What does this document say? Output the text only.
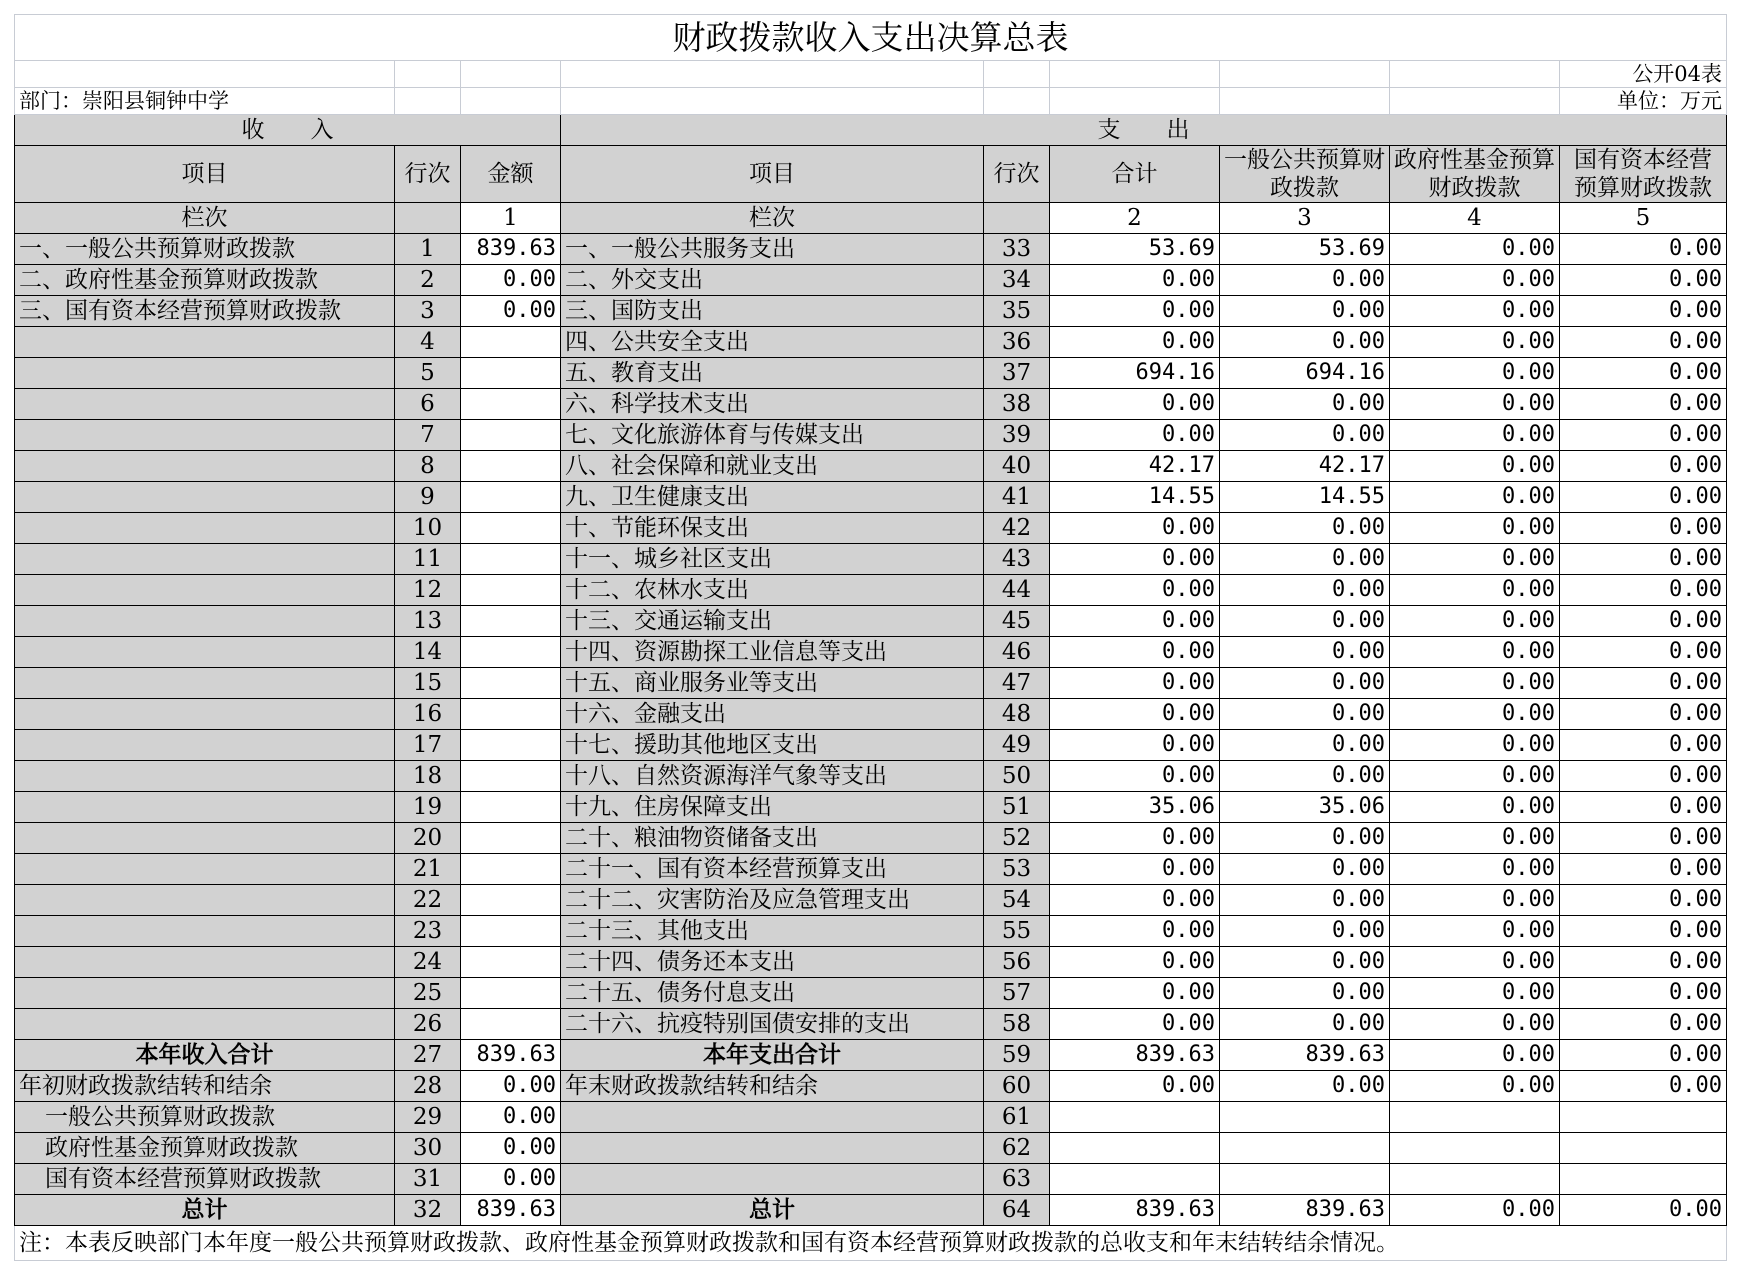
财政拨款收入支出决算总表								
								公开04表
部门：崇阳县铜钟中学								单位：万元
收　　入			支　　出					
项目	行次	金额	项目	行次	合计	一般公共预算财政拨款	政府性基金预算财政拨款	国有资本经营预算财政拨款
栏次		1	栏次		2	3	4	5
一、一般公共预算财政拨款	1	839.63	一、一般公共服务支出	33	53.69	53.69	0.00	0.00
二、政府性基金预算财政拨款	2	0.00	二、外交支出	34	0.00	0.00	0.00	0.00
三、国有资本经营预算财政拨款	3	0.00	三、国防支出	35	0.00	0.00	0.00	0.00
	4		四、公共安全支出	36	0.00	0.00	0.00	0.00
	5		五、教育支出	37	694.16	694.16	0.00	0.00
	6		六、科学技术支出	38	0.00	0.00	0.00	0.00
	7		七、文化旅游体育与传媒支出	39	0.00	0.00	0.00	0.00
	8		八、社会保障和就业支出	40	42.17	42.17	0.00	0.00
	9		九、卫生健康支出	41	14.55	14.55	0.00	0.00
	10		十、节能环保支出	42	0.00	0.00	0.00	0.00
	11		十一、城乡社区支出	43	0.00	0.00	0.00	0.00
	12		十二、农林水支出	44	0.00	0.00	0.00	0.00
	13		十三、交通运输支出	45	0.00	0.00	0.00	0.00
	14		十四、资源勘探工业信息等支出	46	0.00	0.00	0.00	0.00
	15		十五、商业服务业等支出	47	0.00	0.00	0.00	0.00
	16		十六、金融支出	48	0.00	0.00	0.00	0.00
	17		十七、援助其他地区支出	49	0.00	0.00	0.00	0.00
	18		十八、自然资源海洋气象等支出	50	0.00	0.00	0.00	0.00
	19		十九、住房保障支出	51	35.06	35.06	0.00	0.00
	20		二十、粮油物资储备支出	52	0.00	0.00	0.00	0.00
	21		二十一、国有资本经营预算支出	53	0.00	0.00	0.00	0.00
	22		二十二、灾害防治及应急管理支出	54	0.00	0.00	0.00	0.00
	23		二十三、其他支出	55	0.00	0.00	0.00	0.00
	24		二十四、债务还本支出	56	0.00	0.00	0.00	0.00
	25		二十五、债务付息支出	57	0.00	0.00	0.00	0.00
	26		二十六、抗疫特别国债安排的支出	58	0.00	0.00	0.00	0.00
本年收入合计	27	839.63	本年支出合计	59	839.63	839.63	0.00	0.00
年初财政拨款结转和结余	28	0.00	年末财政拨款结转和结余	60	0.00	0.00	0.00	0.00
一般公共预算财政拨款	29	0.00		61				
政府性基金预算财政拨款	30	0.00		62				
国有资本经营预算财政拨款	31	0.00		63				
总计	32	839.63	总计	64	839.63	839.63	0.00	0.00
注：本表反映部门本年度一般公共预算财政拨款、政府性基金预算财政拨款和国有资本经营预算财政拨款的总收支和年末结转结余情况。								
